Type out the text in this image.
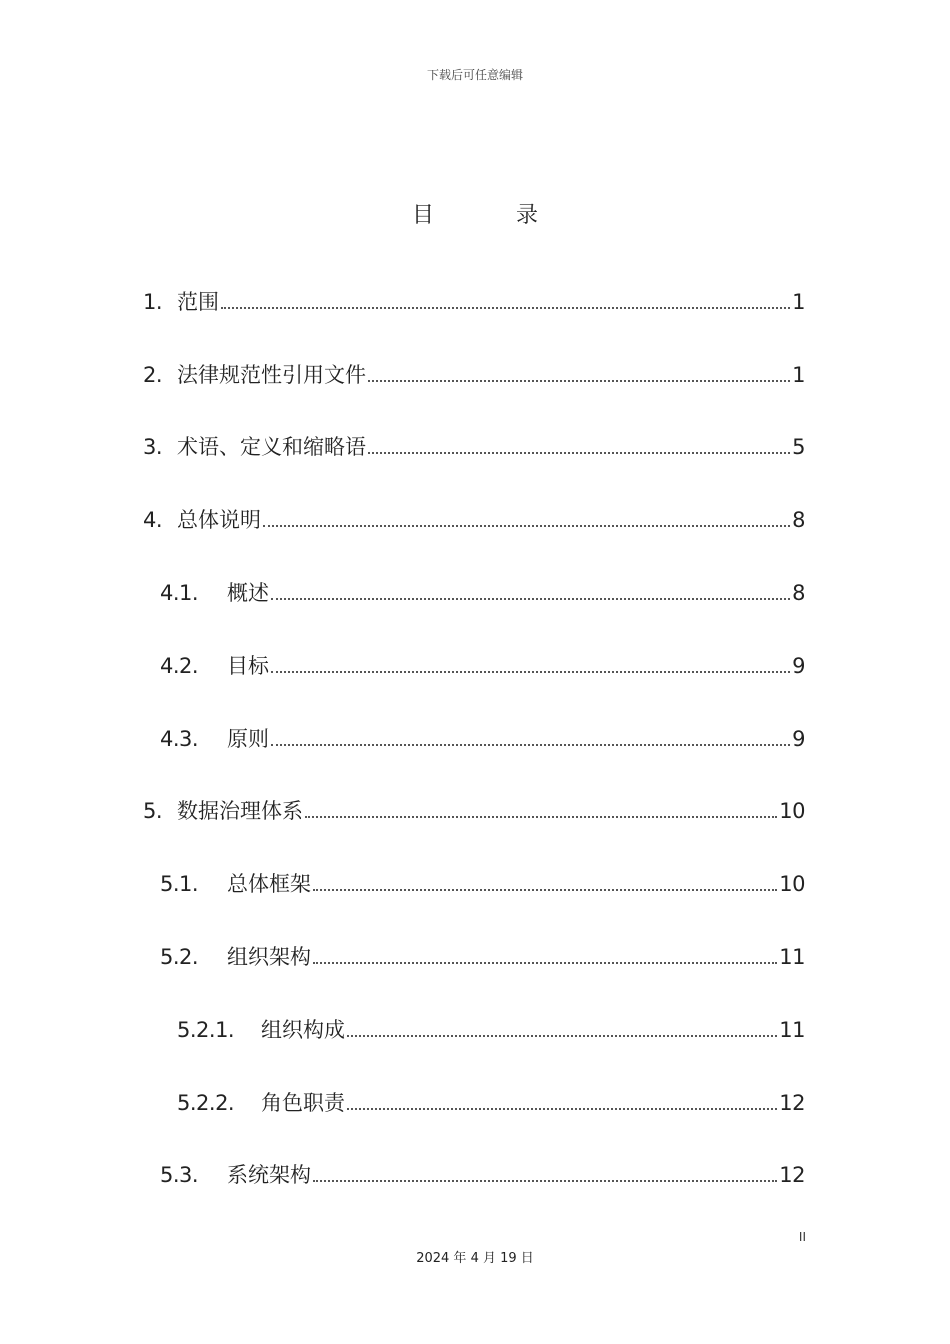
下载后可任意编辑
目	录
1. 范围	1
2. 法律规范性引用文件	1
3. 术语、定义和缩略语	5
4. 总体说明	8
4.1.	概述	8
4.2.	目标	9
4.3.	原则	9
5. 数据治理体系	10
5.1.	总体框架	10
5.2.	组织架构	11
5.2.1.	组织构成	11
5.2.2.	角色职责	12
5.3.	系统架构	12
II
2024 年 4 月 19 日
